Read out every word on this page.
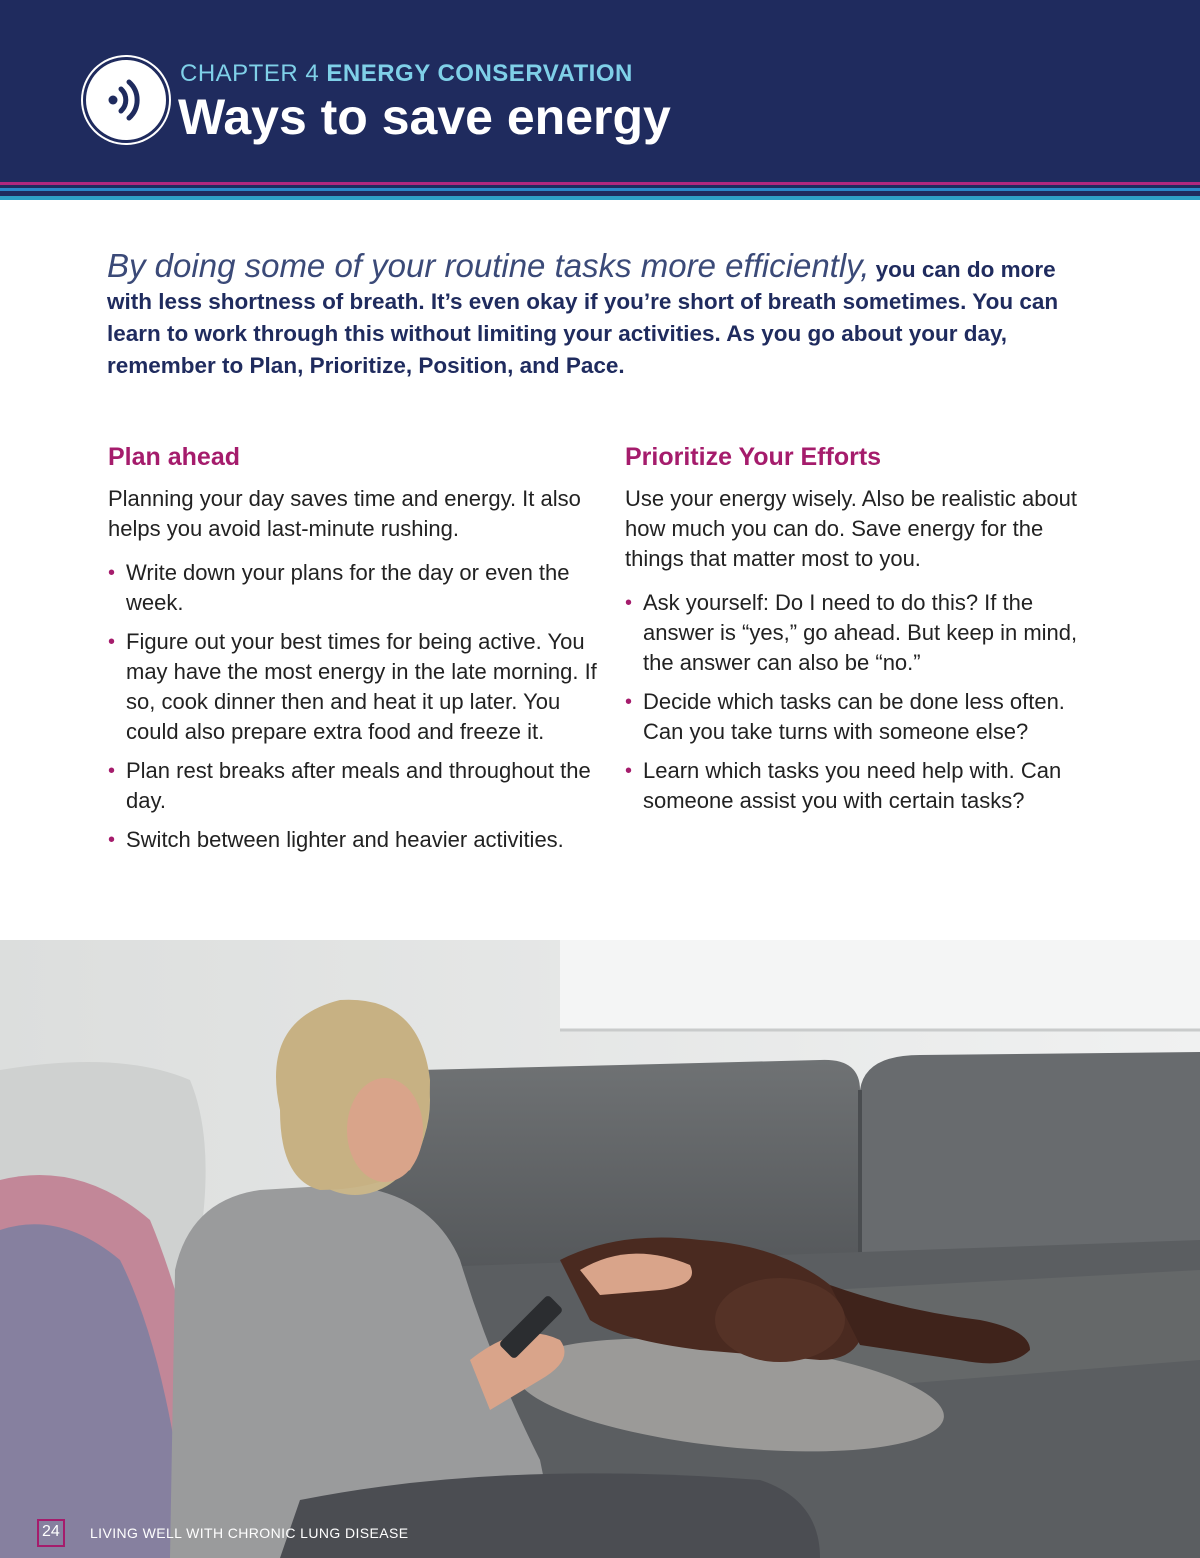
CHAPTER 4 ENERGY CONSERVATION
Ways to save energy
By doing some of your routine tasks more efficiently, you can do more with less shortness of breath. It’s even okay if you’re short of breath sometimes. You can learn to work through this without limiting your activities. As you go about your day, remember to Plan, Prioritize, Position, and Pace.
Plan ahead

Planning your day saves time and energy. It also helps you avoid last-minute rushing.

• Write down your plans for the day or even the week.
• Figure out your best times for being active. You may have the most energy in the late morning. If so, cook dinner then and heat it up later. You could also prepare extra food and freeze it.
• Plan rest breaks after meals and throughout the day.
• Switch between lighter and heavier activities.
Prioritize Your Efforts

Use your energy wisely. Also be realistic about how much you can do. Save energy for the things that matter most to you.

• Ask yourself: Do I need to do this? If the answer is “yes,” go ahead. But keep in mind, the answer can also be “no.”
• Decide which tasks can be done less often. Can you take turns with someone else?
• Learn which tasks you need help with. Can someone assist you with certain tasks?
24 LIVING WELL WITH CHRONIC LUNG DISEASE
